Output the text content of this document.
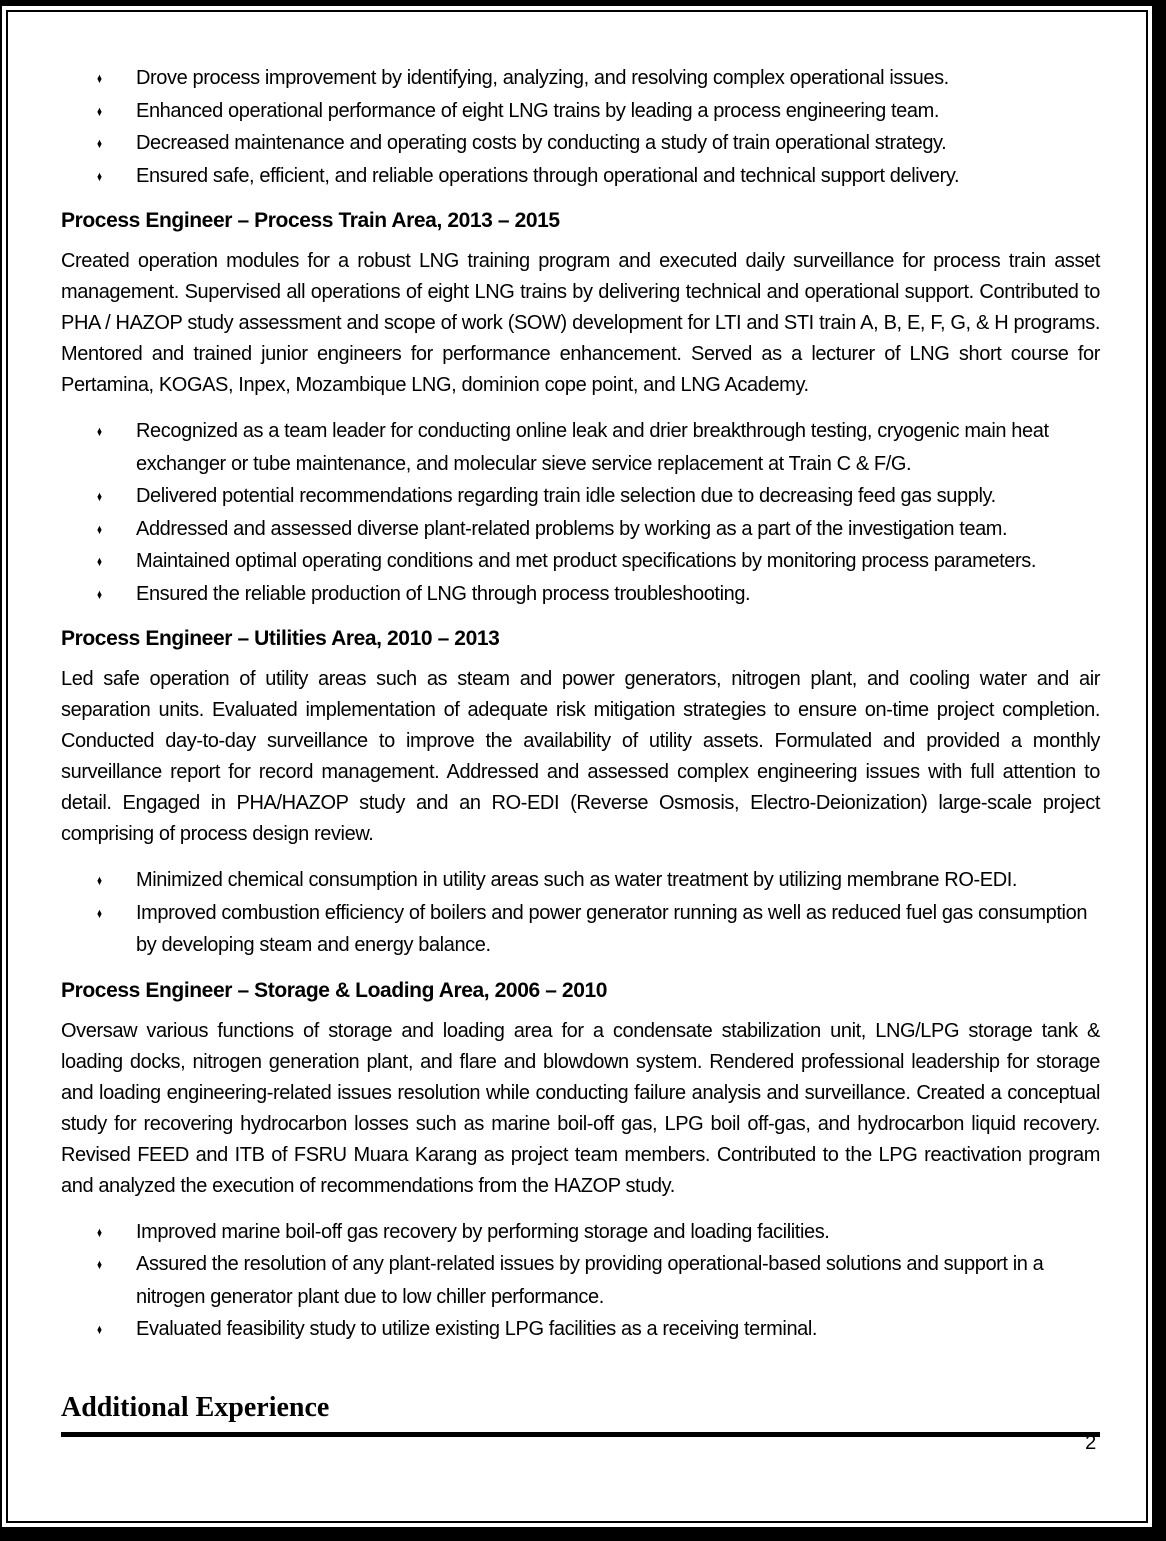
♦ Drove process improvement by identifying, analyzing, and resolving complex operational issues.
♦ Enhanced operational performance of eight LNG trains by leading a process engineering team.
♦ Decreased maintenance and operating costs by conducting a study of train operational strategy.
♦ Ensured safe, efficient, and reliable operations through operational and technical support delivery.
Process Engineer – Process Train Area, 2013 – 2015

Created operation modules for a robust LNG training program and executed daily surveillance for process train asset management. Supervised all operations of eight LNG trains by delivering technical and operational support. Contributed to PHA / HAZOP study assessment and scope of work (SOW) development for LTI and STI train A, B, E, F, G, & H programs. Mentored and trained junior engineers for performance enhancement. Served as a lecturer of LNG short course for Pertamina, KOGAS, Inpex, Mozambique LNG, dominion cope point, and LNG Academy.

♦ Recognized as a team leader for conducting online leak and drier breakthrough testing, cryogenic main heat exchanger or tube maintenance, and molecular sieve service replacement at Train C & F/G.
♦ Delivered potential recommendations regarding train idle selection due to decreasing feed gas supply.
♦ Addressed and assessed diverse plant-related problems by working as a part of the investigation team.
♦ Maintained optimal operating conditions and met product specifications by monitoring process parameters.
♦ Ensured the reliable production of LNG through process troubleshooting.
Process Engineer – Utilities Area, 2010 – 2013

Led safe operation of utility areas such as steam and power generators, nitrogen plant, and cooling water and air separation units. Evaluated implementation of adequate risk mitigation strategies to ensure on-time project completion. Conducted day-to-day surveillance to improve the availability of utility assets. Formulated and provided a monthly surveillance report for record management. Addressed and assessed complex engineering issues with full attention to detail. Engaged in PHA/HAZOP study and an RO-EDI (Reverse Osmosis, Electro-Deionization) large-scale project comprising of process design review.

♦ Minimized chemical consumption in utility areas such as water treatment by utilizing membrane RO-EDI.
♦ Improved combustion efficiency of boilers and power generator running as well as reduced fuel gas consumption by developing steam and energy balance.
Process Engineer – Storage & Loading Area, 2006 – 2010

Oversaw various functions of storage and loading area for a condensate stabilization unit, LNG/LPG storage tank & loading docks, nitrogen generation plant, and flare and blowdown system. Rendered professional leadership for storage and loading engineering-related issues resolution while conducting failure analysis and surveillance. Created a conceptual study for recovering hydrocarbon losses such as marine boil-off gas, LPG boil off-gas, and hydrocarbon liquid recovery. Revised FEED and ITB of FSRU Muara Karang as project team members. Contributed to the LPG reactivation program and analyzed the execution of recommendations from the HAZOP study.

♦ Improved marine boil-off gas recovery by performing storage and loading facilities.
♦ Assured the resolution of any plant-related issues by providing operational-based solutions and support in a nitrogen generator plant due to low chiller performance.
♦ Evaluated feasibility study to utilize existing LPG facilities as a receiving terminal.
Additional Experience
2
